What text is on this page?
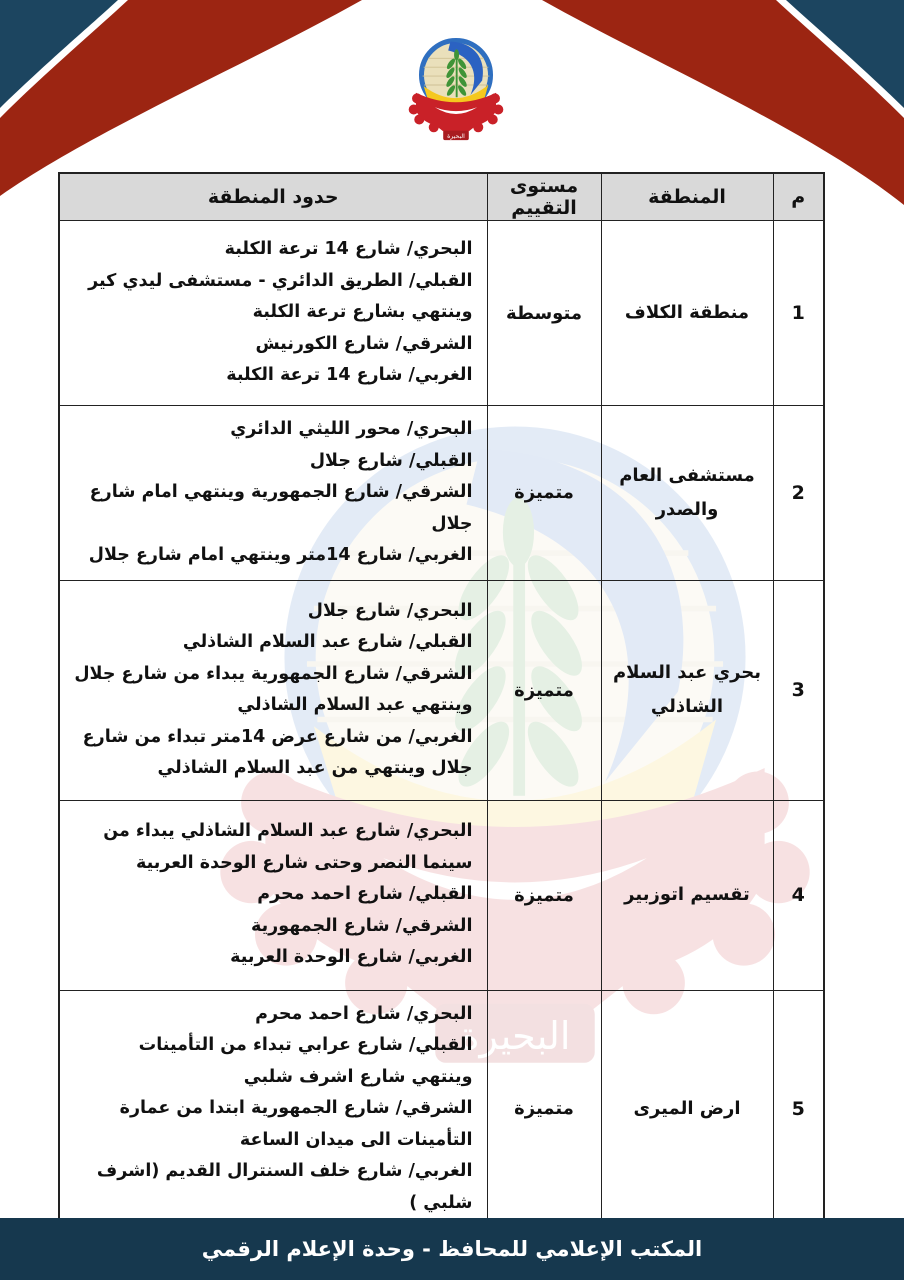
م	المنطقة	مستوى التقييم	حدود المنطقة
1	منطقة الكلاف	متوسطة	البحري/ شارع 14 ترعة الكلبة
القبلي/ الطريق الدائري - مستشفى ليدي كير وينتهي بشارع ترعة الكلبة
الشرقي/ شارع الكورنيش
الغربي/ شارع 14 ترعة الكلبة

2	مستشفى العام والصدر	متميزة	البحري/ محور الليثي الدائري
القبلي/ شارع جلال
الشرقي/ شارع الجمهورية وينتهي امام شارع جلال
الغربي/ شارع 14متر وينتهي امام شارع جلال

3	بحري عبد السلام الشاذلي	متميزة	البحري/ شارع جلال
القبلي/ شارع عبد السلام الشاذلي
الشرقي/ شارع الجمهورية يبداء من شارع جلال وينتهي عبد السلام الشاذلي
الغربي/ من شارع عرض 14متر تبداء من شارع جلال وينتهي من عبد السلام الشاذلي

4	تقسيم اتوزبير	متميزة	البحري/ شارع عبد السلام الشاذلي يبداء من سينما النصر وحتى شارع الوحدة العربية
القبلي/ شارع احمد محرم
الشرقي/ شارع الجمهورية
الغربي/ شارع الوحدة العربية

5	ارض الميرى	متميزة	البحري/ شارع احمد محرم
القبلي/ شارع عرابي تبداء من التأمينات وينتهي شارع اشرف شلبي
الشرقي/ شارع الجمهورية ابتدا من عمارة التأمينات الى ميدان الساعة
الغربي/ شارع خلف السنترال القديم (اشرف شلبي )
المكتب الإعلامي للمحافظ - وحدة الإعلام الرقمي
